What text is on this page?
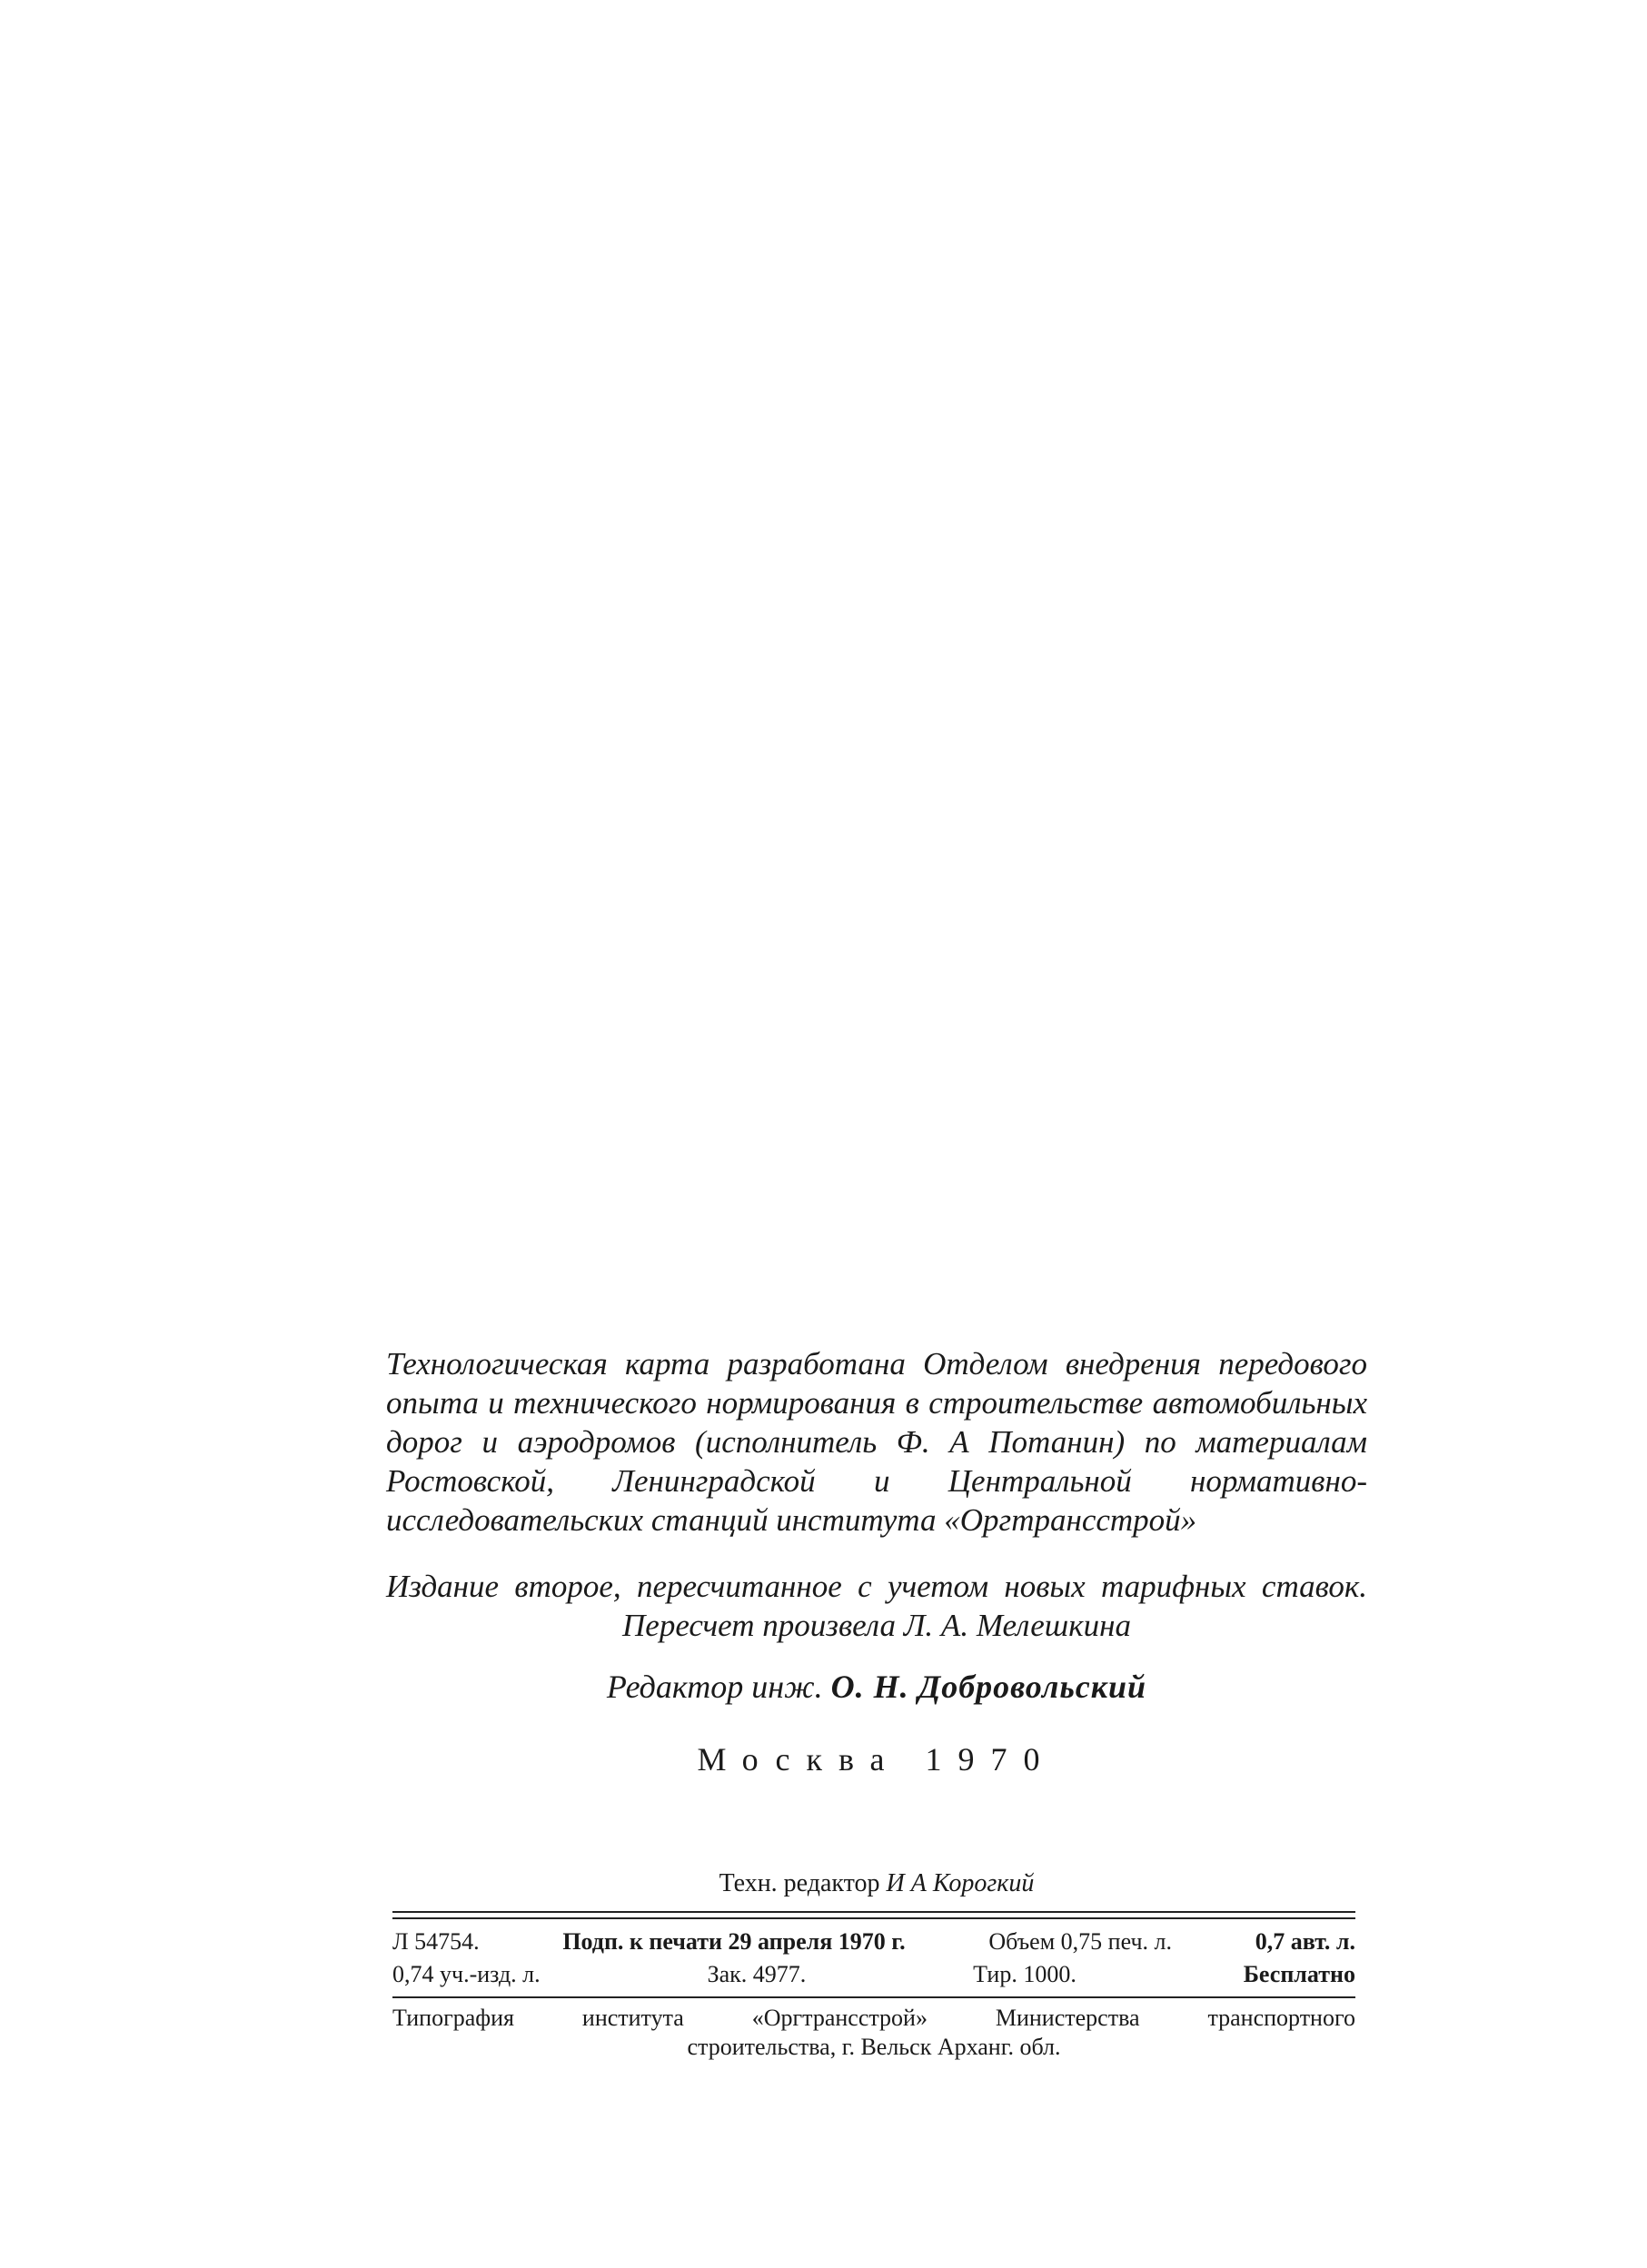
Технологическая карта разработана Отделом внедрения передового опыта и технического нормирования в строительстве автомобильных дорог и аэродромов (исполнитель Ф. А Потанин) по материалам Ростовской, Ленинградской и Центральной нормативно-исследовательских станций института «Оргтрансстрой»

Издание второе, пересчитанное с учетом новых тарифных ставок. Пересчет произвела Л. А. Мелешкина

Редактор инж. О. Н. Добровольский
Москва 1970
Техн. редактор И А Корогкий
Л 54754.	Подп. к печати 29 апреля 1970 г.	Объем 0,75 печ. л.	0,7 авт. л.
0,74 уч.-изд. л.	Зак. 4977.	Тир. 1000.	Бесплатно
Типография института «Оргтрансстрой» Министерства транспортного
строительства, г. Вельск Арханг. обл.
